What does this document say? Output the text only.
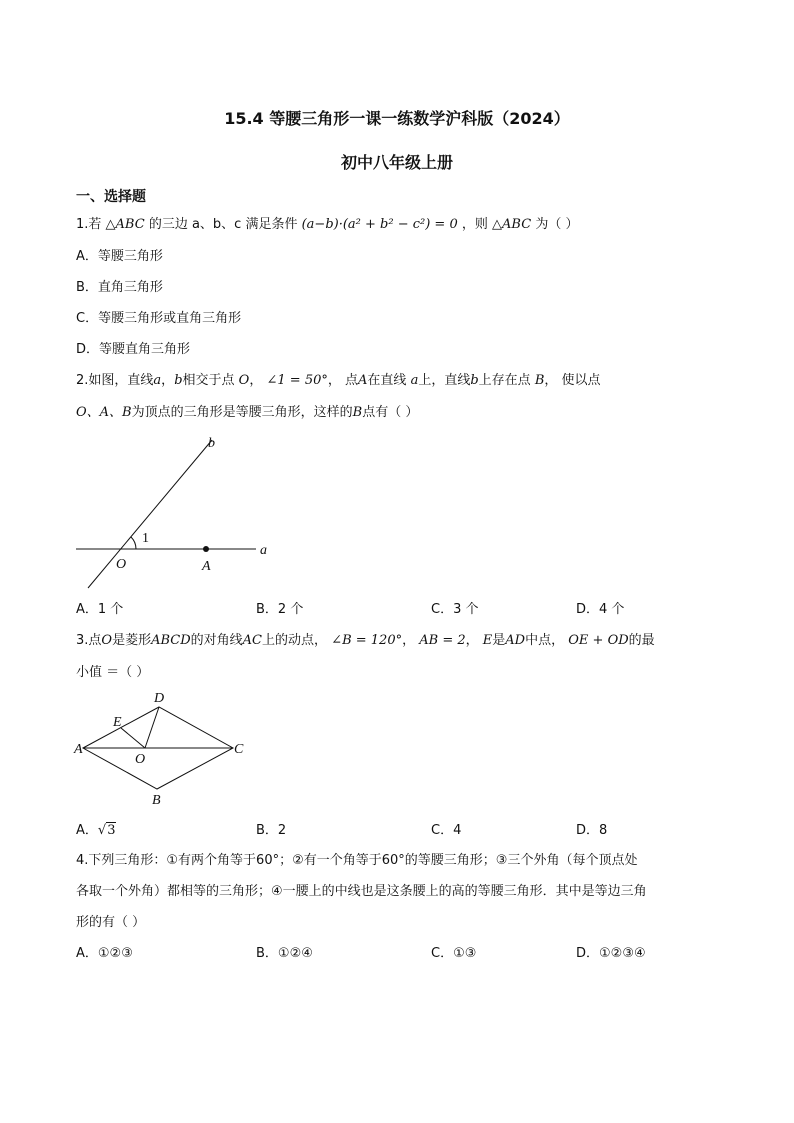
15.4 等腰三角形一课一练数学沪科版（2024）
初中八年级上册
一、选择题
1.若 △ABC 的三边 a、b、c 满足条件 (a−b)·(a² + b² − c²) = 0 ，则 △ABC 为（ ）
A．等腰三角形
B．直角三角形
C．等腰三角形或直角三角形
D．等腰直角三角形
2.如图，直线a，b相交于点 O， ∠1 = 50°， 点A在直线 a上，直线b上存在点 B， 使以点
O、A、B为顶点的三角形是等腰三角形，这样的B点有（ ）
b
a
1
O	A
A．1 个	B．2 个	C．3 个	D．4 个
3.点O是菱形ABCD的对角线AC上的动点， ∠B = 120°， AB = 2， E是AD中点， OE + OD的最
小值 ＝（ ）
D
E
A
O
C
B
A．√3	B．2	C．4	D．8
4.下列三角形：①有两个角等于60°；②有一个角等于60°的等腰三角形；③三个外角（每个顶点处
各取一个外角）都相等的三角形；④一腰上的中线也是这条腰上的高的等腰三角形．其中是等边三角
形的有（ ）
A．①②③	B．①②④	C．①③	D．①②③④
